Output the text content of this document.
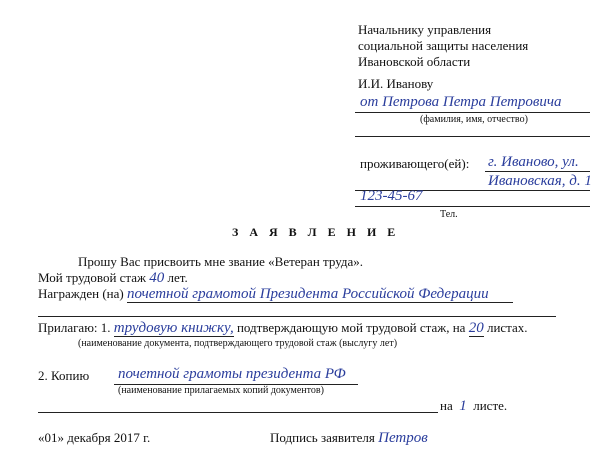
Начальнику управления
социальной защиты населения
Ивановской области
И.И. Иванову
от Петрова Петра Петровича
(фамилия, имя, отчество)
проживающего(ей): г. Иваново, ул.
Ивановская, д. 1
123-45-67
Тел.
З А Я В Л Е Н И Е
Прошу Вас присвоить мне звание «Ветеран труда».
Мой трудовой стаж 40 лет.
Награжден (на) почетной грамотой Президента Российской Федерации
Прилагаю: 1. трудовую книжку, подтверждающую мой трудовой стаж, на 20 листах.
(наименование документа, подтверждающего трудовой стаж (выслугу лет)
2. Копию почетной грамоты президента РФ
(наименование прилагаемых копий документов)
на 1 листе.
«01» декабря 2017 г.	Подпись заявителя Петров
